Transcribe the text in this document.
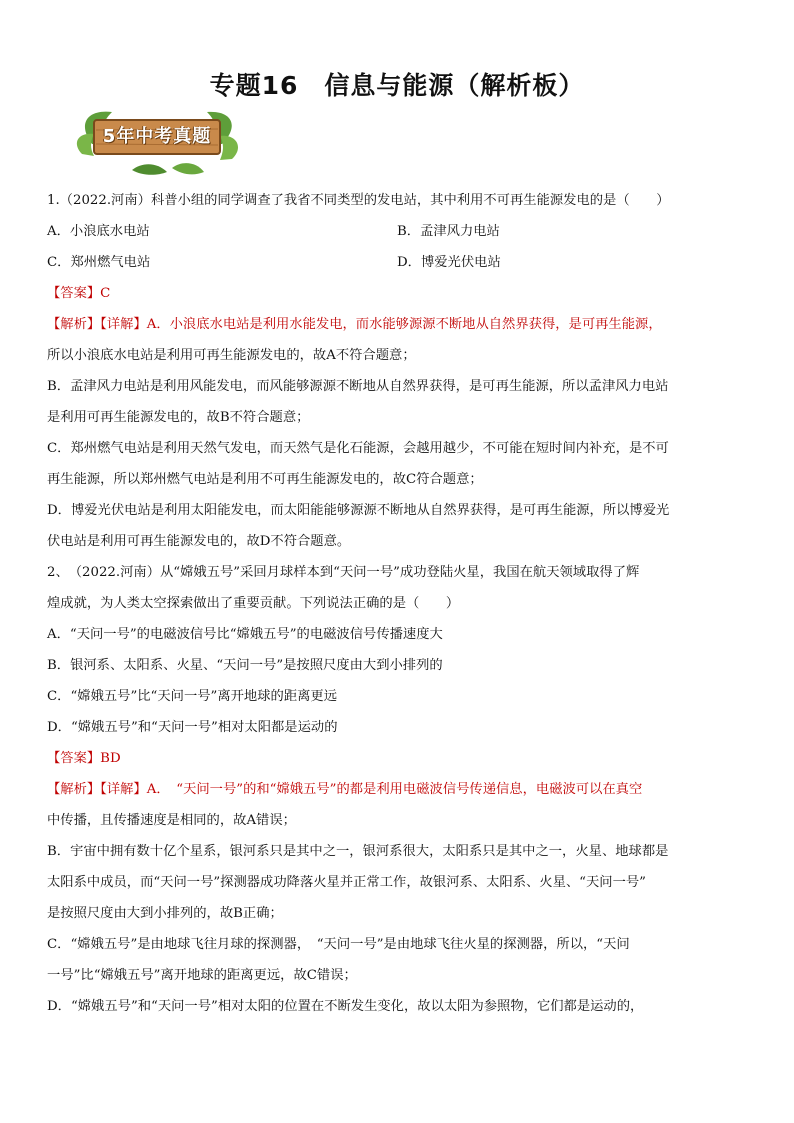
专题16　信息与能源（解析板）
5年中考真题
1.（2022.河南）科普小组的同学调查了我省不同类型的发电站，其中利用不可再生能源发电的是（　　）
A．小浪底水电站	B．孟津风力电站
C．郑州燃气电站	D．博爱光伏电站
【答案】C
【解析】【详解】A．小浪底水电站是利用水能发电，而水能够源源不断地从自然界获得，是可再生能源，
所以小浪底水电站是利用可再生能源发电的，故A不符合题意；
B．孟津风力电站是利用风能发电，而风能够源源不断地从自然界获得，是可再生能源，所以孟津风力电站
是利用可再生能源发电的，故B不符合题意；
C．郑州燃气电站是利用天然气发电，而天然气是化石能源，会越用越少，不可能在短时间内补充，是不可
再生能源，所以郑州燃气电站是利用不可再生能源发电的，故C符合题意；
D．博爱光伏电站是利用太阳能发电，而太阳能能够源源不断地从自然界获得，是可再生能源，所以博爱光
伏电站是利用可再生能源发电的，故D不符合题意。
2、　（2022.河南）从“嫦娥五号”采回月球样本到“天问一号”成功登陆火星，我国在航天领域取得了辉
煌成就，为人类太空探索做出了重要贡献。下列说法正确的是（　　）
A．“天问一号”的电磁波信号比“嫦娥五号”的电磁波信号传播速度大
B．银河系、太阳系、火星、“天问一号”是按照尺度由大到小排列的
C．“嫦娥五号”比“天问一号”离开地球的距离更远
D．“嫦娥五号”和“天问一号”相对太阳都是运动的
【答案】BD
【解析】【详解】A．　“天问一号”的和“嫦娥五号”的都是利用电磁波信号传递信息，电磁波可以在真空
中传播，且传播速度是相同的，故A错误；
B．宇宙中拥有数十亿个星系，银河系只是其中之一，银河系很大，太阳系只是其中之一，火星、地球都是
太阳系中成员，而“天问一号”探测器成功降落火星并正常工作，故银河系、太阳系、火星、“天问一号”
是按照尺度由大到小排列的，故B正确；
C．“嫦娥五号”是由地球飞往月球的探测器，　“天问一号”是由地球飞往火星的探测器，所以，“天问
一号”比“嫦娥五号”离开地球的距离更远，故C错误；
D．“嫦娥五号”和“天问一号”相对太阳的位置在不断发生变化，故以太阳为参照物，它们都是运动的，
